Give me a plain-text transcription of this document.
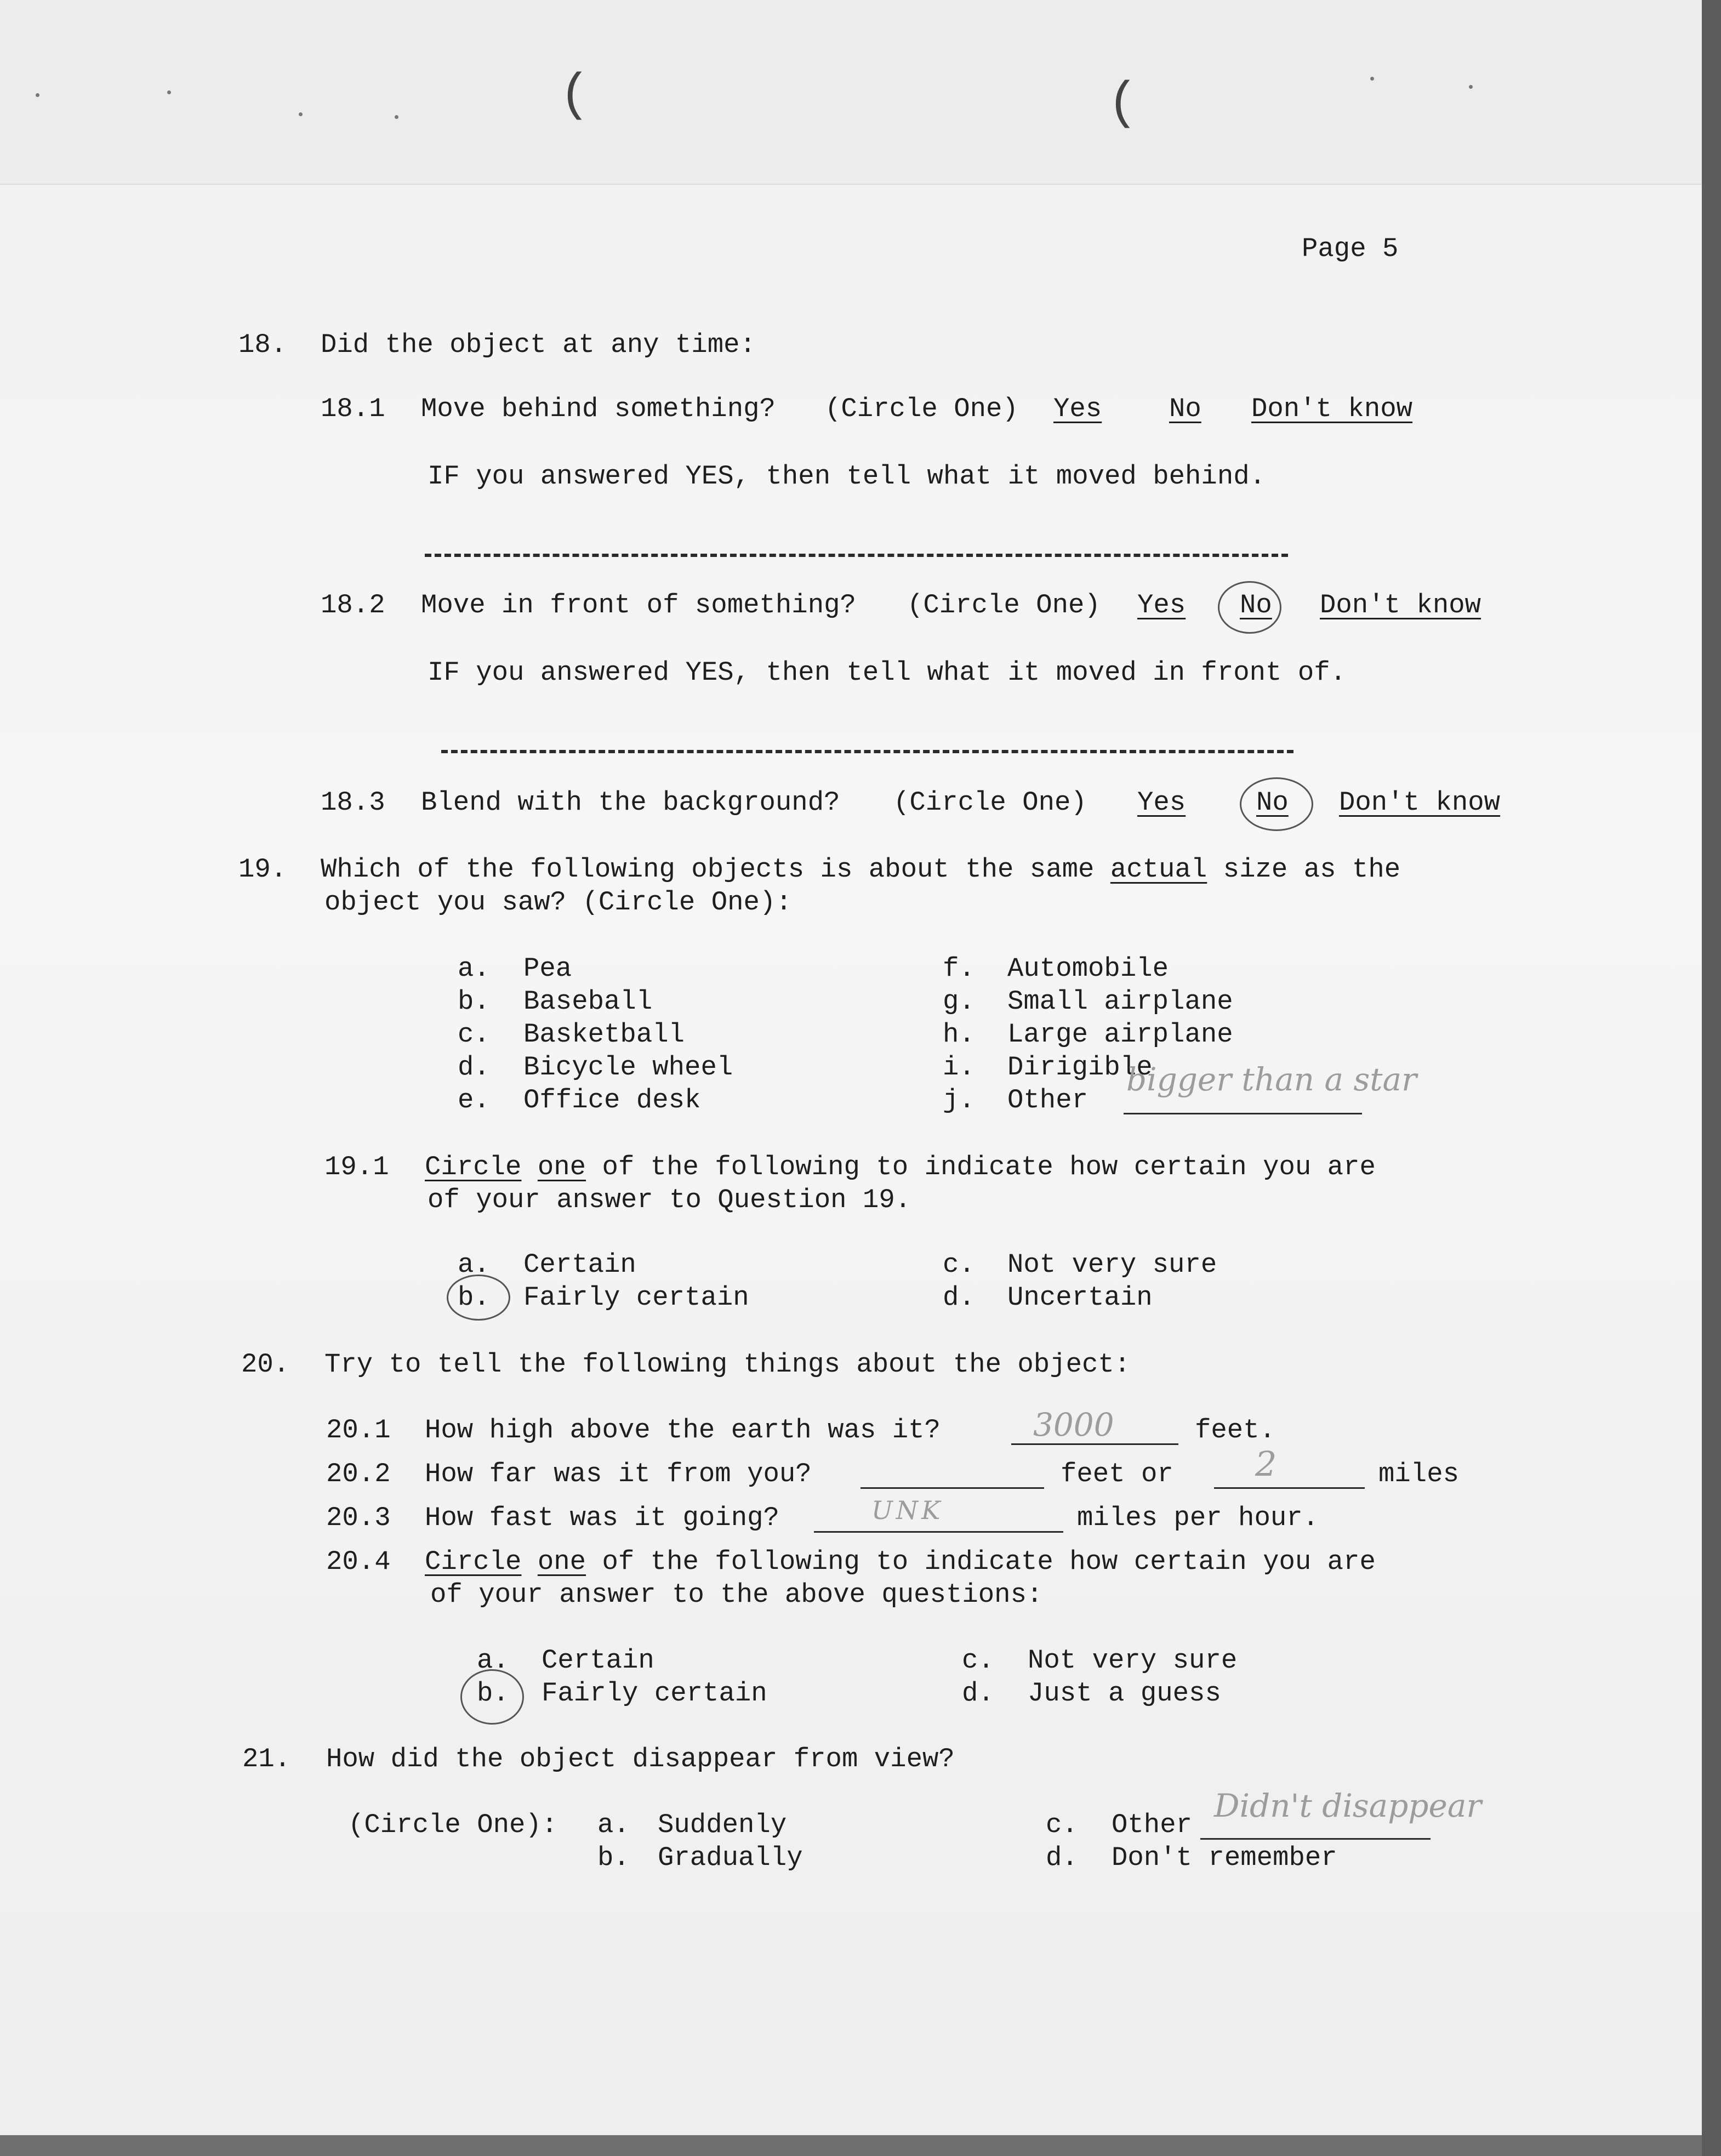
(	(
Page 5
18. Did the object at any time:
18.1 Move behind something? (Circle One) Yes	No Don't know
IF you answered YES, then tell what it moved behind.
18.2 Move in front of something? (Circle One) Yes No Don't know
IF you answered YES, then tell what it moved in front of.
18.3 Blend with the background? (Circle One) Yes	No Don't know
19. Which of the following objects is about the same actual size as the
object you saw? (Circle One):
a. Pea
b. Baseball
c. Basketball
d. Bicycle wheel
e. Office desk
f. Automobile
g. Small airplane
h. Large airplane
i. Dirigible
j. Other
bigger than a star
19.1 Circle one of the following to indicate how certain you are
of your answer to Question 19.
a. Certain
b. Fairly certain
c. Not very sure
d. Uncertain
20. Try to tell the following things about the object:
20.1 How high above the earth was it?	3000	feet.
20.2 How far was it from you?	feet or 2	miles
20.3 How fast was it going?	UNK	miles per hour.
20.4 Circle one of the following to indicate how certain you are
of your answer to the above questions:
a. Certain
b. Fairly certain
c. Not very sure
d. Just a guess
21. How did the object disappear from view?
(Circle One): a. Suddenly
b. Gradually
c. Other
Didn't disappear
d. Don't remember
